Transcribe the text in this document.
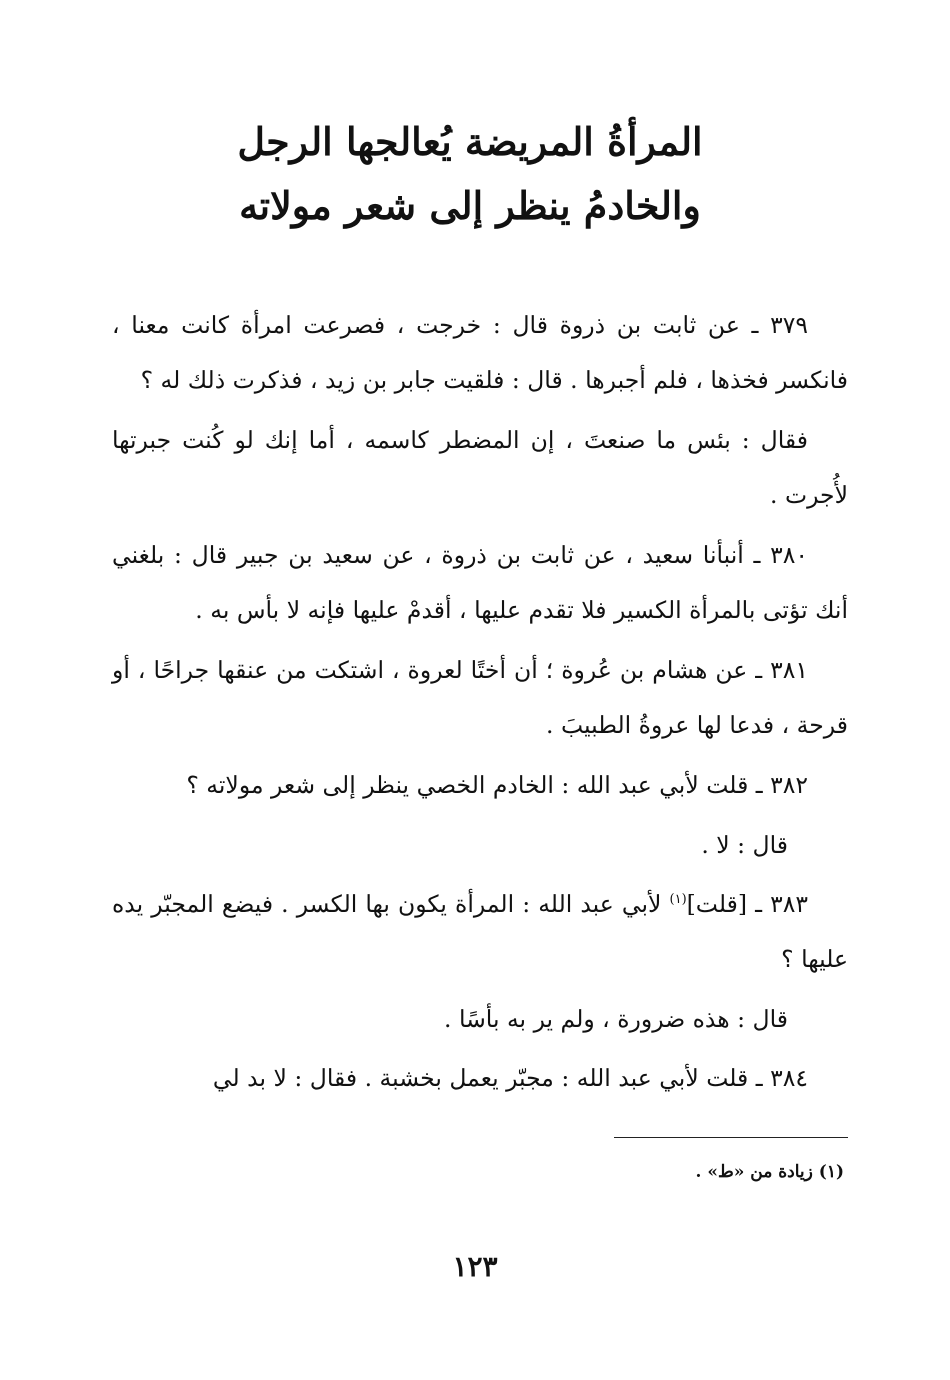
المرأةُ المريضة يُعالجها الرجل
والخادمُ ينظر إلى شعر مولاته

٣٧٩ ـ عن ثابت بن ذروة قال : خرجت ، فصرعت امرأة كانت معنا ، فانكسر فخذها ، فلم أجبرها . قال : فلقيت جابر بن زيد ، فذكرت ذلك له ؟

فقال : بئس ما صنعتَ ، إن المضطر كاسمه ، أما إنك لو كُنت جبرتها لأُجرت .

٣٨٠ ـ أنبأنا سعيد ، عن ثابت بن ذروة ، عن سعيد بن جبير قال : بلغني أنك تؤتى بالمرأة الكسير فلا تقدم عليها ، أقدمْ عليها فإنه لا بأس به .

٣٨١ ـ عن هشام بن عُروة ؛ أن أختًا لعروة ، اشتكت من عنقها جراحًا ، أو قرحة ، فدعا لها عروةُ الطبيبَ .

٣٨٢ ـ قلت لأبي عبد الله : الخادم الخصي ينظر إلى شعر مولاته ؟

قال : لا .

٣٨٣ ـ [قلت]$^{(١)}$ لأبي عبد الله : المرأة يكون بها الكسر . فيضع المجبّر يده عليها ؟

قال : هذه ضرورة ، ولم ير به بأسًا .

٣٨٤ ـ قلت لأبي عبد الله : مجبّر يعمل بخشبة . فقال : لا بد لي

(١) زيادة من «ط» .
١٢٣
